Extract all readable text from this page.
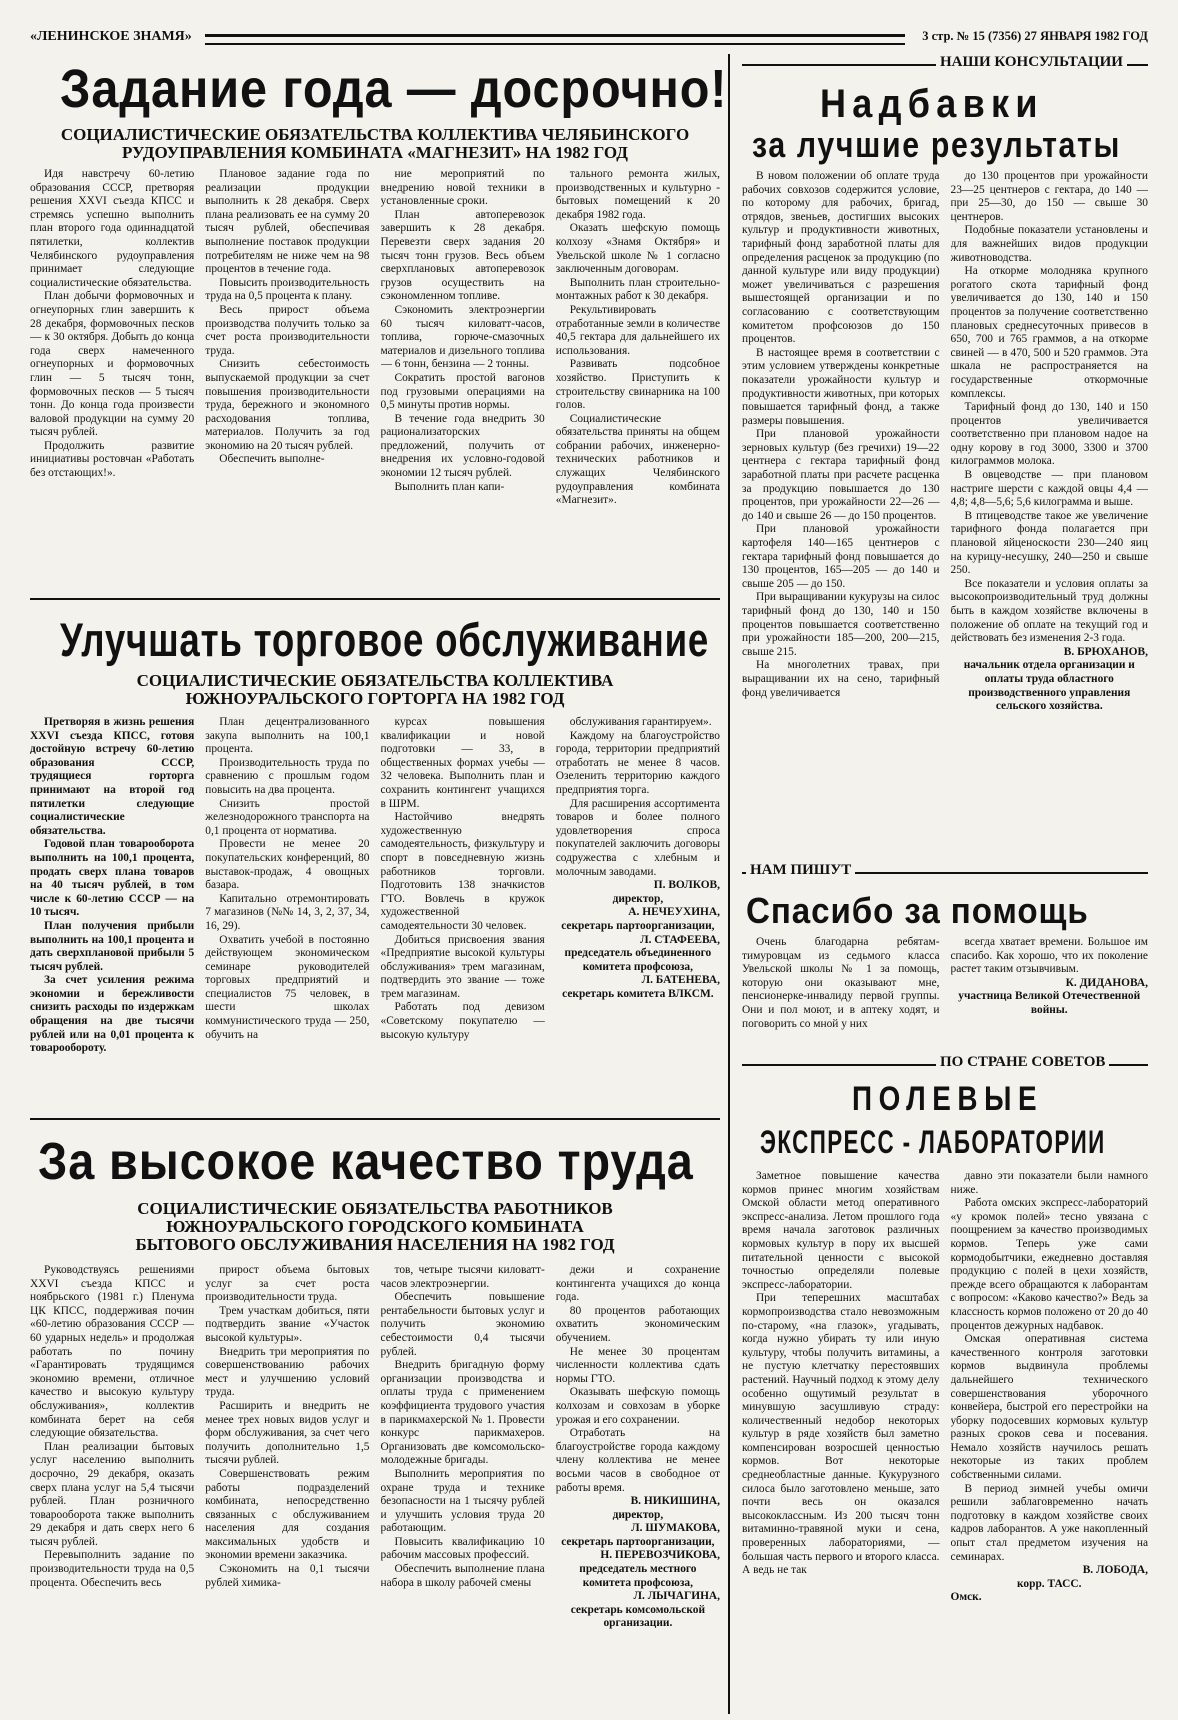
«ЛЕНИНСКОЕ ЗНАМЯ»	3 стр. № 15 (7356) 27 ЯНВАРЯ 1982 ГОД
Задание года — досрочно!
СОЦИАЛИСТИЧЕСКИЕ ОБЯЗАТЕЛЬСТВА КОЛЛЕКТИВА ЧЕЛЯБИНСКОГО
РУДОУПРАВЛЕНИЯ КОМБИНАТА «МАГНЕЗИТ» НА 1982 ГОД

Идя навстречу 60-летию образования СССР, претворяя решения XXVI съезда КПСС и стремясь успешно выполнить план второго года одиннадцатой пятилетки, коллектив Челябинского рудоуправления принимает следующие социалистические обязательства.

План добычи формовочных и огнеупорных глин завершить к 28 декабря, формовочных песков — к 30 октября. Добыть до конца года сверх намеченного огнеупорных и формовочных глин — 5 тысяч тонн, формовочных песков — 5 тысяч тонн. До конца года произвести валовой продукции на сумму 20 тысяч рублей.

Продолжить развитие инициативы ростовчан «Работать без отстающих!».

Плановое задание года по реализации продукции выполнить к 28 декабря. Сверх плана реализовать ее на сумму 20 тысяч рублей, обеспечивая выполнение поставок продукции потребителям не ниже чем на 98 процентов в течение года.

Повысить производительность труда на 0,5 процента к плану.

Весь прирост объема производства получить только за счет роста производительности труда.

Снизить себестоимость выпускаемой продукции за счет повышения производительности труда, бережного и экономного расходования топлива, материалов. Получить за год экономию на 20 тысяч рублей.

Обеспечить выполне-

ние мероприятий по внедрению новой техники в установленные сроки.

План автоперевозок завершить к 28 декабря. Перевезти сверх задания 20 тысяч тонн грузов. Весь объем сверхплановых автоперевозок грузов осуществить на сэкономленном топливе.

Сэкономить электроэнергии 60 тысяч киловатт-часов, топлива, горюче-смазочных материалов и дизельного топлива — 6 тонн, бензина — 2 тонны.

Сократить простой вагонов под грузовыми операциями на 0,5 минуты против нормы.

В течение года внедрить 30 рационализаторских предложений, получить от внедрения их условно-годовой экономии 12 тысяч рублей.

Выполнить план капи-

тального ремонта жилых, производственных и культурно - бытовых помещений к 20 декабря 1982 года.

Оказать шефскую помощь колхозу «Знамя Октября» и Увельской школе № 1 согласно заключенным договорам.

Выполнить план строительно-монтажных работ к 30 декабря.

Рекультивировать отработанные земли в количестве 40,5 гектара для дальнейшего их использования.

Развивать подсобное хозяйство. Приступить к строительству свинарника на 100 голов.

Социалистические обязательства приняты на общем собрании рабочих, инженерно-технических работников и служащих Челябинского рудоуправления комбината «Магнезит».

Улучшать торговое обслуживание
СОЦИАЛИСТИЧЕСКИЕ ОБЯЗАТЕЛЬСТВА КОЛЛЕКТИВА
ЮЖНОУРАЛЬСКОГО ГОРТОРГА НА 1982 ГОД

Претворяя в жизнь решения XXVI съезда КПСС, готовя достойную встречу 60-летию образования СССР, трудящиеся горторга принимают на второй год пятилетки следующие социалистические обязательства.

Годовой план товарооборота выполнить на 100,1 процента, продать сверх плана товаров на 40 тысяч рублей, в том числе к 60-летию СССР — на 10 тысяч.

План получения прибыли выполнить на 100,1 процента и дать сверхплановой прибыли 5 тысяч рублей.

За счет усиления режима экономии и бережливости снизить расходы по издержкам обращения на две тысячи рублей или на 0,01 процента к товарообороту.

План децентрализованного закупа выполнить на 100,1 процента.

Производительность труда по сравнению с прошлым годом повысить на два процента.

Снизить простой железнодорожного транспорта на 0,1 процента от норматива.

Провести не менее 20 покупательских конференций, 80 выставок-продаж, 4 овощных базара.

Капитально отремонтировать 7 магазинов (№№ 14, 3, 2, 37, 34, 16, 29).

Охватить учебой в постоянно действующем экономическом семинаре руководителей торговых предприятий и специалистов 75 человек, в шести школах коммунистического труда — 250, обучить на

курсах повышения квалификации и новой подготовки — 33, в общественных формах учебы — 32 человека. Выполнить план и сохранить контингент учащихся в ШРМ.

Настойчиво внедрять художественную самодеятельность, физкультуру и спорт в повседневную жизнь работников торговли. Подготовить 138 значкистов ГТО. Вовлечь в кружок художественной самодеятельности 30 человек.

Добиться присвоения звания «Предприятие высокой культуры обслуживания» трем магазинам, подтвердить это звание — тоже трем магазинам.

Работать под девизом «Советскому покупателю — высокую культуру

обслуживания гарантируем».

Каждому на благоустройство города, территории предприятий отработать не менее 8 часов. Озеленить территорию каждого предприятия торга.

Для расширения ассортимента товаров и более полного удовлетворения спроса покупателей заключить договоры содружества с хлебным и молочным заводами.

П. ВОЛКОВ,

директор,

А. НЕЧЕУХИНА,

секретарь партоорганизации,

Л. СТАФЕЕВА,

председатель объединенного комитета профсоюза,

Л. БАТЕНЕВА,

секретарь комитета ВЛКСМ.

За высокое качество труда
СОЦИАЛИСТИЧЕСКИЕ ОБЯЗАТЕЛЬСТВА РАБОТНИКОВ
ЮЖНОУРАЛЬСКОГО ГОРОДСКОГО КОМБИНАТА
БЫТОВОГО ОБСЛУЖИВАНИЯ НАСЕЛЕНИЯ НА 1982 ГОД

Руководствуясь решениями XXVI съезда КПСС и ноябрьского (1981 г.) Пленума ЦК КПСС, поддерживая почин «60-летию образования СССР — 60 ударных недель» и продолжая работать по почину «Гарантировать трудящимся экономию времени, отличное качество и высокую культуру обслуживания», коллектив комбината берет на себя следующие обязательства.

План реализации бытовых услуг населению выполнить досрочно, 29 декабря, оказать сверх плана услуг на 5,4 тысячи рублей. План розничного товарооборота также выполнить 29 декабря и дать сверх него 6 тысяч рублей.

Перевыполнить задание по производительности труда на 0,5 процента. Обеспечить весь

прирост объема бытовых услуг за счет роста производительности труда.

Трем участкам добиться, пяти подтвердить звание «Участок высокой культуры».

Внедрить три мероприятия по совершенствованию рабочих мест и улучшению условий труда.

Расширить и внедрить не менее трех новых видов услуг и форм обслуживания, за счет чего получить дополнительно 1,5 тысячи рублей.

Совершенствовать режим работы подразделений комбината, непосредственно связанных с обслуживанием населения для создания максимальных удобств и экономии времени заказчика.

Сэкономить на 0,1 тысячи рублей химика-

тов, четыре тысячи киловатт-часов электроэнергии.

Обеспечить повышение рентабельности бытовых услуг и получить экономию себестоимости 0,4 тысячи рублей.

Внедрить бригадную форму организации производства и оплаты труда с применением коэффициента трудового участия в парикмахерской № 1. Провести конкурс парикмахеров. Организовать две комсомольско-молодежные бригады.

Выполнить мероприятия по охране труда и технике безопасности на 1 тысячу рублей и улучшить условия труда 20 работающим.

Повысить квалификацию 10 рабочим массовых профессий.

Обеспечить выполнение плана набора в школу рабочей смены

дежи и сохранение контингента учащихся до конца года.

80 процентов работающих охватить экономическим обучением.

Не менее 30 процентам численности коллектива сдать нормы ГТО.

Оказывать шефскую помощь колхозам и совхозам в уборке урожая и его сохранении.

Отработать на благоустройстве города каждому члену коллектива не менее восьми часов в свободное от работы время.

В. НИКИШИНА,

директор,

Л. ШУМАКОВА,

секретарь партоорганизации,

Н. ПЕРЕВОЗЧИКОВА,

председатель местного комитета профсоюза,

Л. ЛЫЧАГИНА,

секретарь комсомольской организации.

НАШИ КОНСУЛЬТАЦИИ
Надбавки
за лучшие результаты

В новом положении об оплате труда рабочих совхозов содержится условие, по которому для рабочих, бригад, отрядов, звеньев, достигших высоких культур и продуктивности животных, тарифный фонд заработной платы для определения расценок за продукцию (по данной культуре или виду продукции) может увеличиваться с разрешения вышестоящей организации и по согласованию с соответствующим комитетом профсоюзов до 150 процентов.

В настоящее время в соответствии с этим условием утверждены конкретные показатели урожайности культур и продуктивности животных, при которых повышается тарифный фонд, а также размеры повышения.

При плановой урожайности зерновых культур (без гречихи) 19—22 центнера с гектара тарифный фонд заработной платы при расчете расценка за продукцию повышается до 130 процентов, при урожайности 22—26 — до 140 и свыше 26 — до 150 процентов.

При плановой урожайности картофеля 140—165 центнеров с гектара тарифный фонд повышается до 130 процентов, 165—205 — до 140 и свыше 205 — до 150.

При выращивании кукурузы на силос тарифный фонд до 130, 140 и 150 процентов повышается соответственно при урожайности 185—200, 200—215, свыше 215.

На многолетних травах, при выращивании их на сено, тарифный фонд увеличивается

до 130 процентов при урожайности 23—25 центнеров с гектара, до 140 — при 25—30, до 150 — свыше 30 центнеров.

Подобные показатели установлены и для важнейших видов продукции животноводства.

На откорме молодняка крупного рогатого скота тарифный фонд увеличивается до 130, 140 и 150 процентов за получение соответственно плановых среднесуточных привесов в 650, 700 и 765 граммов, а на откорме свиней — в 470, 500 и 520 граммов. Эта шкала не распространяется на государственные откормочные комплексы.

Тарифный фонд до 130, 140 и 150 процентов увеличивается соответственно при плановом надое на одну корову в год 3000, 3300 и 3700 килограммов молока.

В овцеводстве — при плановом настриге шерсти с каждой овцы 4,4 — 4,8; 4,8—5,6; 5,6 килограмма и выше.

В птицеводстве такое же увеличение тарифного фонда полагается при плановой яйценоскости 230—240 яиц на курицу-несушку, 240—250 и свыше 250.

Все показатели и условия оплаты за высокопроизводительный труд должны быть в каждом хозяйстве включены в положение об оплате на текущий год и действовать без изменения 2-3 года.

В. БРЮХАНОВ,

начальник отдела организации и оплаты труда областного производственного управления сельского хозяйства.

НАМ ПИШУТ
Спасибо за помощь

Очень благодарна ребятам-тимуровцам из седьмого класса Увельской школы № 1 за помощь, которую они оказывают мне, пенсионерке-инвалиду первой группы. Они и пол моют, и в аптеку ходят, и поговорить со мной у них

всегда хватает времени. Большое им спасибо. Как хорошо, что их поколение растет таким отзывчивым.

К. ДИДАНОВА,

участница Великой Отечественной войны.

ПО СТРАНЕ СОВЕТОВ
ПОЛЕВЫЕ
ЭКСПРЕСС - ЛАБОРАТОРИИ

Заметное повышение качества кормов принес многим хозяйствам Омской области метод оперативного экспресс-анализа. Летом прошлого года время начала заготовок различных кормовых культур в пору их высшей питательной ценности с высокой точностью определяли полевые экспресс-лаборатории.

При теперешних масштабах кормопроизводства стало невозможным по-старому, «на глазок», угадывать, когда нужно убирать ту или иную культуру, чтобы получить витамины, а не пустую клетчатку перестоявших растений. Научный подход к этому делу особенно ощутимый результат в минувшую засушливую страду: количественный недобор некоторых культур в ряде хозяйств был заметно компенсирован возросшей ценностью кормов. Вот некоторые среднеобластные данные. Кукурузного силоса было заготовлено меньше, зато почти весь он оказался высококлассным. Из 200 тысяч тонн витаминно-травяной муки и сена, проверенных лабораториями, — большая часть первого и второго класса. А ведь не так

давно эти показатели были намного ниже.

Работа омских экспресс-лабораторий «у кромок полей» тесно увязана с поощрением за качество производимых кормов. Теперь уже сами кормодобытчики, ежедневно доставляя продукцию с полей в цехи хозяйств, прежде всего обращаются к лаборантам с вопросом: «Каково качество?» Ведь за классность кормов положено от 20 до 40 процентов дежурных надбавок.

Омская оперативная система качественного контроля заготовки кормов выдвинула проблемы дальнейшего технического совершенствования уборочного конвейера, быстрой его перестройки на уборку подосевших кормовых культур разных сроков сева и посевания. Немало хозяйств научилось решать некоторые из таких проблем собственными силами.

В период зимней учебы омичи решили заблаговременно начать подготовку в каждом хозяйстве своих кадров лаборантов. А уже накопленный опыт стал предметом изучения на семинарах.

В. ЛОБОДА,

корр. ТАСС.

Омск.
